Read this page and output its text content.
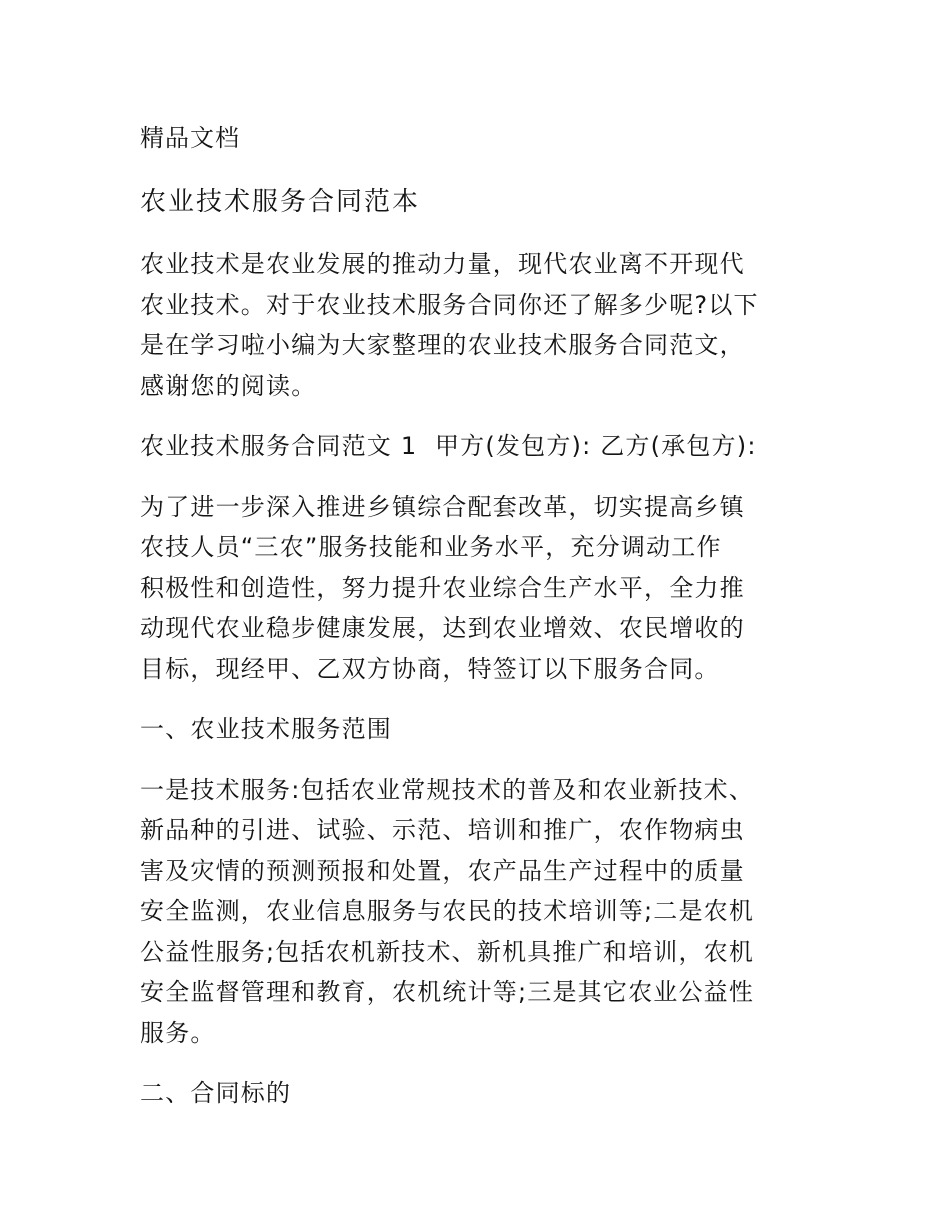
精品文档
农业技术服务合同范本

农业技术是农业发展的推动力量，现代农业离不开现代
农业技术。对于农业技术服务合同你还了解多少呢?以下
是在学习啦小编为大家整理的农业技术服务合同范文，
感谢您的阅读。

农业技术服务合同范文 1  甲方(发包方): 乙方(承包方):

为了进一步深入推进乡镇综合配套改革，切实提高乡镇
农技人员“三农”服务技能和业务水平，充分调动工作
积极性和创造性，努力提升农业综合生产水平，全力推
动现代农业稳步健康发展，达到农业增效、农民增收的
目标，现经甲、乙双方协商，特签订以下服务合同。

一、农业技术服务范围

一是技术服务:包括农业常规技术的普及和农业新技术、
新品种的引进、试验、示范、培训和推广，农作物病虫
害及灾情的预测预报和处置，农产品生产过程中的质量
安全监测，农业信息服务与农民的技术培训等;二是农机
公益性服务;包括农机新技术、新机具推广和培训，农机
安全监督管理和教育，农机统计等;三是其它农业公益性
服务。

二、合同标的
